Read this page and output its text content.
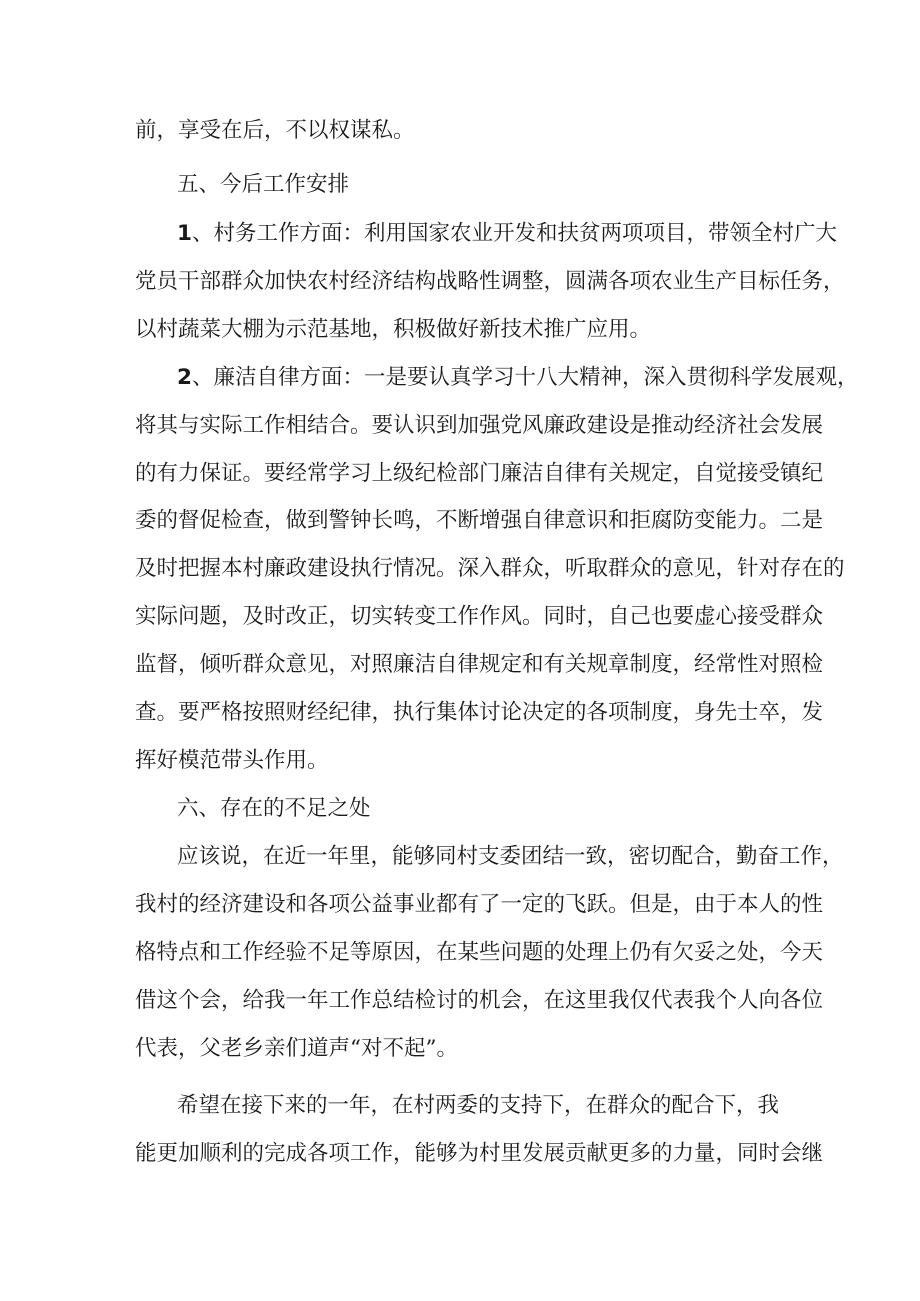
前，享受在后，不以权谋私。
五、今后工作安排
1、村务工作方面：利用国家农业开发和扶贫两项项目，带领全村广大
党员干部群众加快农村经济结构战略性调整，圆满各项农业生产目标任务，
以村蔬菜大棚为示范基地，积极做好新技术推广应用。
2、廉洁自律方面：一是要认真学习十八大精神，深入贯彻科学发展观，
将其与实际工作相结合。要认识到加强党风廉政建设是推动经济社会发展
的有力保证。要经常学习上级纪检部门廉洁自律有关规定，自觉接受镇纪
委的督促检查，做到警钟长鸣，不断增强自律意识和拒腐防变能力。二是
及时把握本村廉政建设执行情况。深入群众，听取群众的意见，针对存在的
实际问题，及时改正，切实转变工作作风。同时，自己也要虚心接受群众
监督，倾听群众意见，对照廉洁自律规定和有关规章制度，经常性对照检
查。要严格按照财经纪律，执行集体讨论决定的各项制度，身先士卒，发
挥好模范带头作用。
六、存在的不足之处
应该说，在近一年里，能够同村支委团结一致，密切配合，勤奋工作，
我村的经济建设和各项公益事业都有了一定的飞跃。但是，由于本人的性
格特点和工作经验不足等原因，在某些问题的处理上仍有欠妥之处，今天
借这个会，给我一年工作总结检讨的机会，在这里我仅代表我个人向各位
代表，父老乡亲们道声“对不起”。
希望在接下来的一年，在村两委的支持下，在群众的配合下，我
能更加顺利的完成各项工作，能够为村里发展贡献更多的力量，同时会继
